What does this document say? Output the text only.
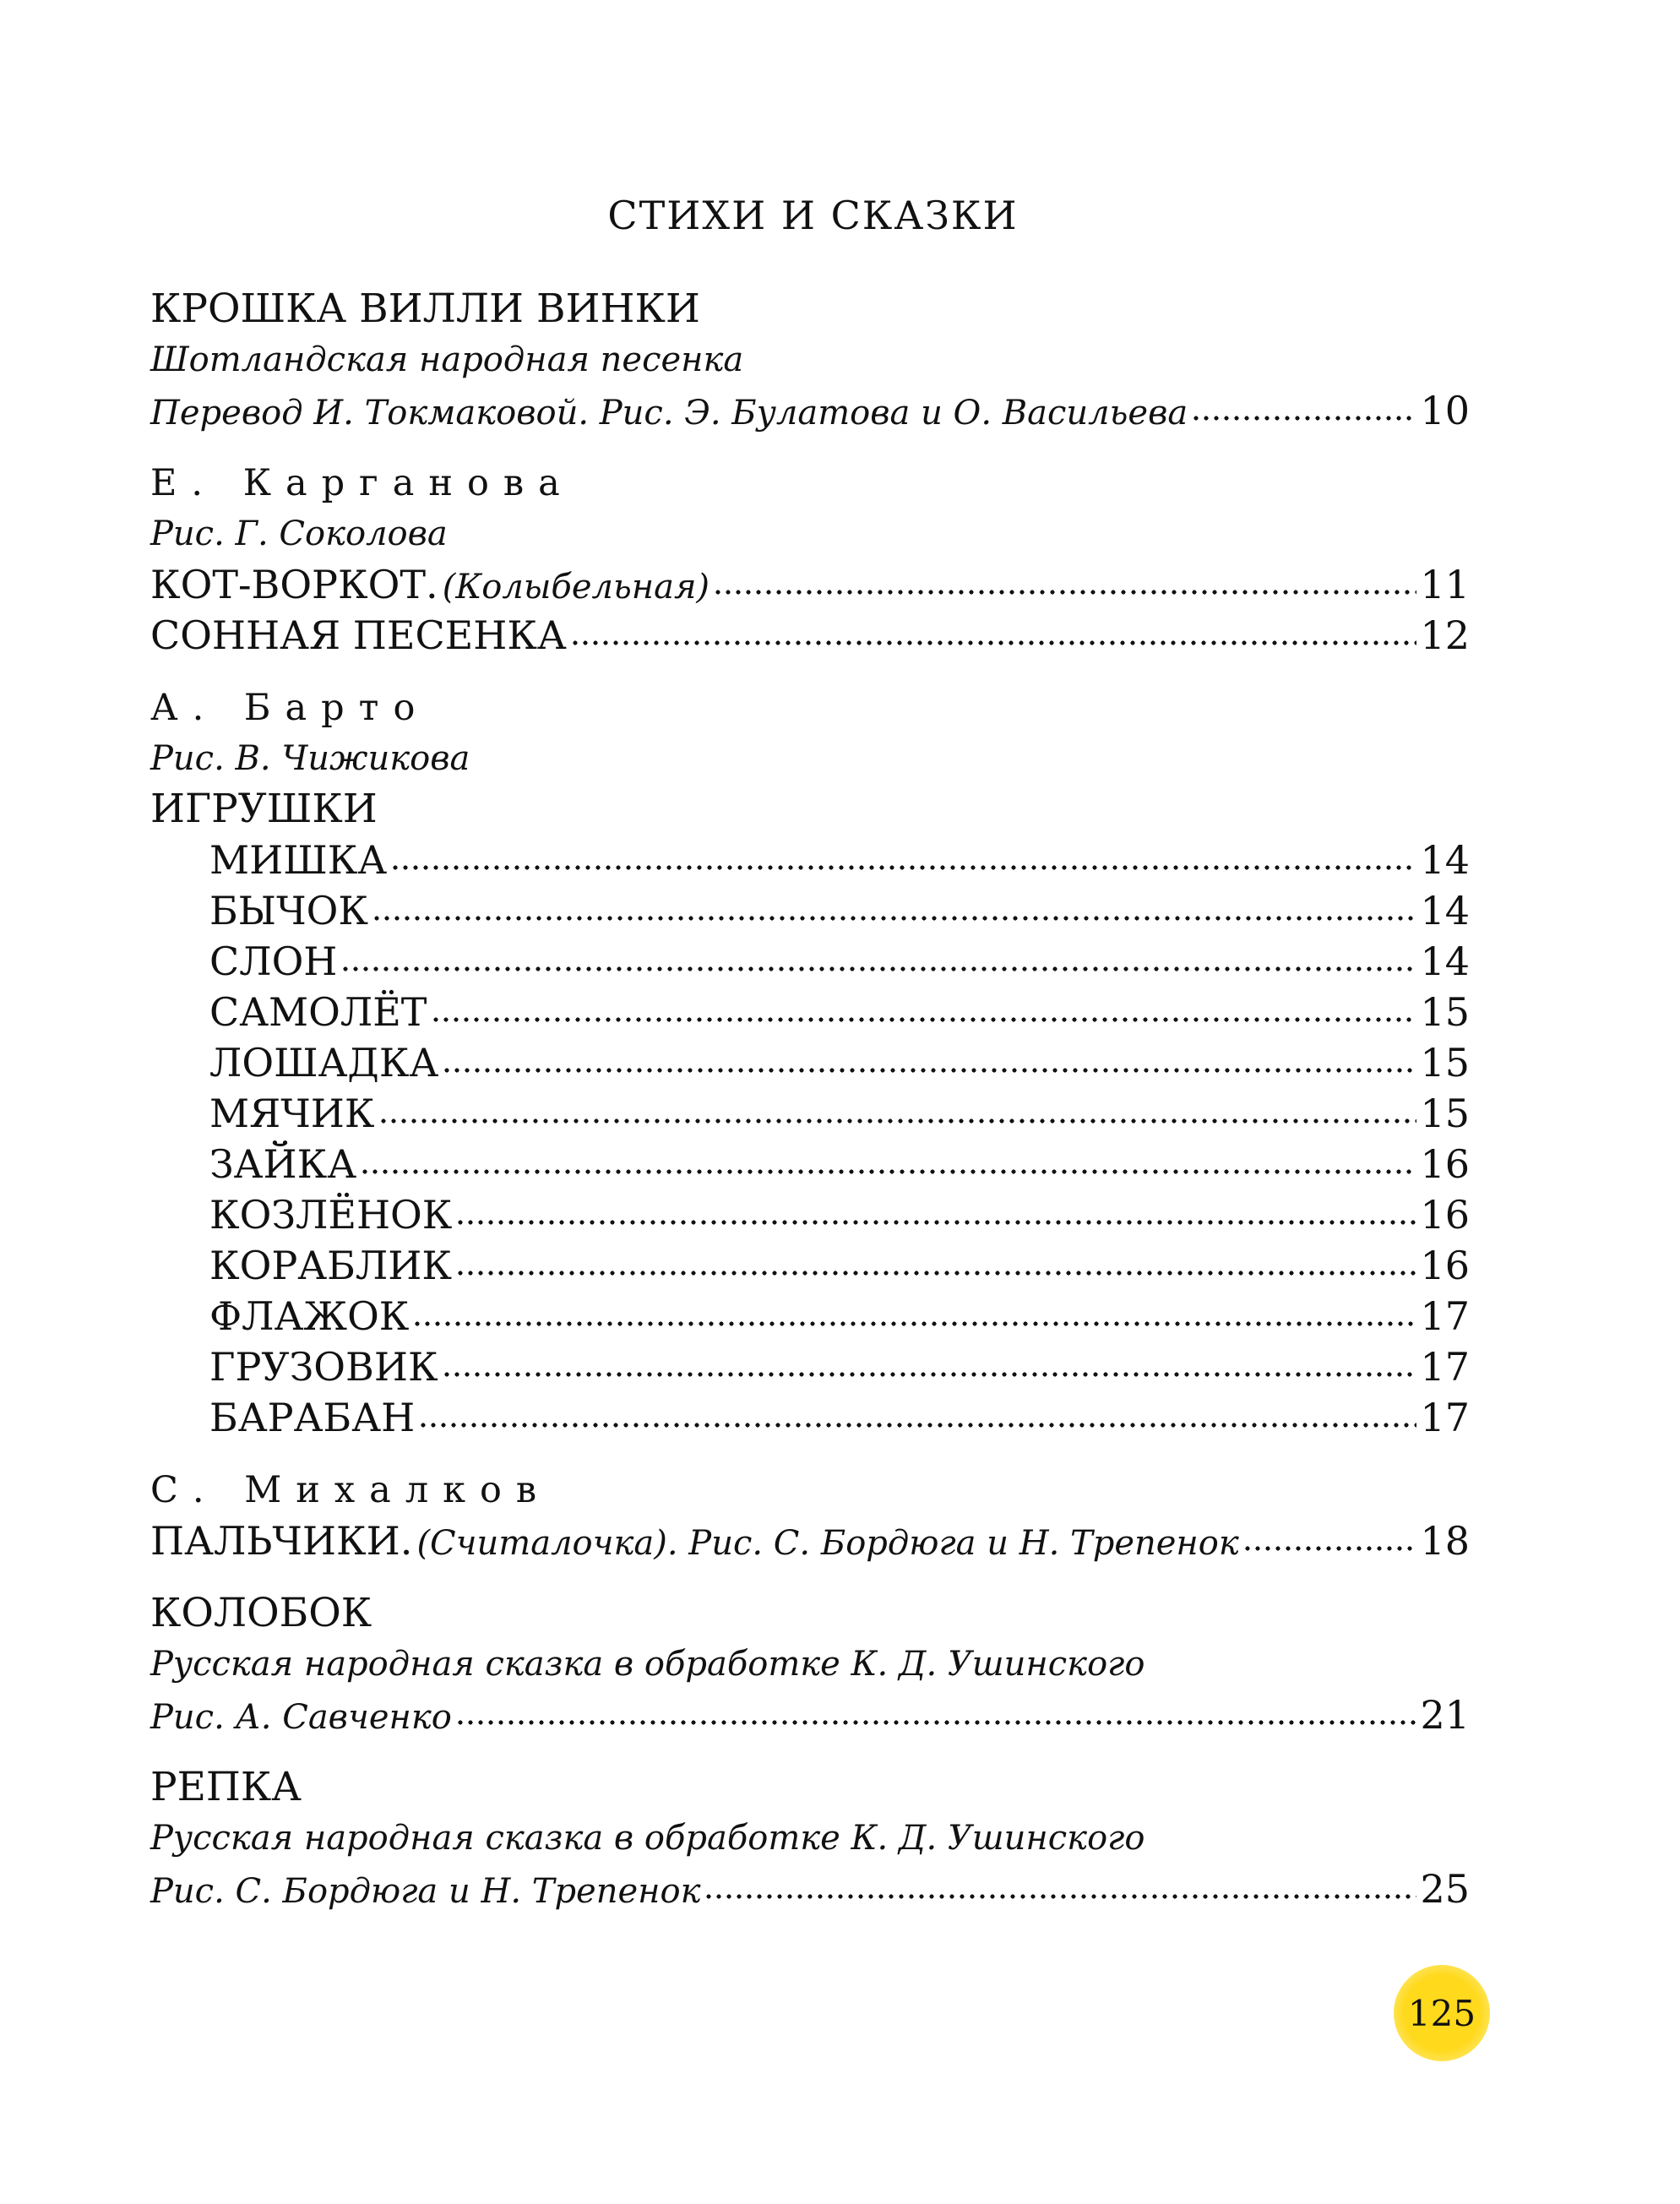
СТИХИ И СКАЗКИ
КРОШКА ВИЛЛИ ВИНКИ
Шотландская народная песенка
Перевод И. Токмаковой. Рис. Э. Булатова и О. Васильева	10
Е. Карганова
Рис. Г. Соколова
КОТ-ВОРКОТ. (Колыбельная)	11
СОННАЯ ПЕСЕНКА	12
А. Барто
Рис. В. Чижикова
ИГРУШКИ
МИШКА	14
БЫЧОК	14
СЛОН	14
САМОЛЁТ	15
ЛОШАДКА	15
МЯЧИК	15
ЗАЙКА	16
КОЗЛЁНОК	16
КОРАБЛИК	16
ФЛАЖОК	17
ГРУЗОВИК	17
БАРАБАН	17
С. Михалков
ПАЛЬЧИКИ. (Считалочка). Рис. С. Бордюга и Н. Трепенок	18
КОЛОБОК
Русская народная сказка в обработке К. Д. Ушинского
Рис. А. Савченко	21
РЕПКА
Русская народная сказка в обработке К. Д. Ушинского
Рис. С. Бордюга и Н. Трепенок	25
125
